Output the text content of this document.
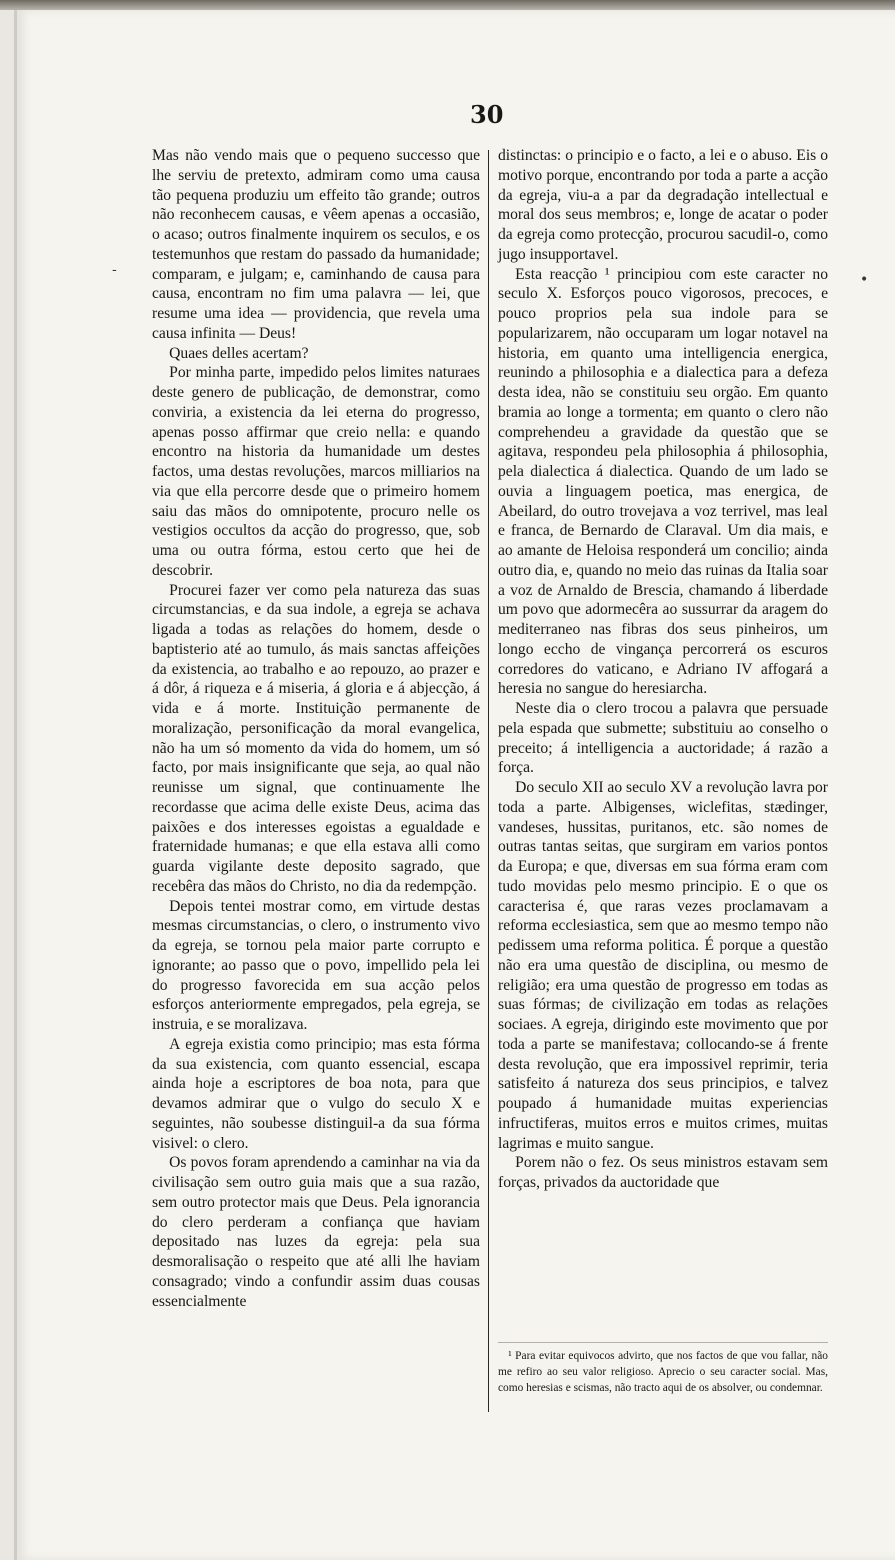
30
-
•

Mas não vendo mais que o pequeno successo que lhe serviu de pretexto, admiram como uma causa tão pequena produziu um effeito tão grande; outros não reconhecem causas, e vêem apenas a occasião, o acaso; outros finalmente inquirem os seculos, e os testemunhos que restam do passado da humanidade; comparam, e julgam; e, caminhando de causa para causa, encontram no fim uma palavra — lei, que resume uma idea — providencia, que revela uma causa infinita — Deus!

Quaes delles acertam?

Por minha parte, impedido pelos limites naturaes deste genero de publicação, de demonstrar, como conviria, a existencia da lei eterna do progresso, apenas posso affirmar que creio nella: e quando encontro na historia da humanidade um destes factos, uma destas revoluções, marcos milliarios na via que ella percorre desde que o primeiro homem saiu das mãos do omnipotente, procuro nelle os vestigios occultos da acção do progresso, que, sob uma ou outra fórma, estou certo que hei de descobrir.

Procurei fazer ver como pela natureza das suas circumstancias, e da sua indole, a egreja se achava ligada a todas as relações do homem, desde o baptisterio até ao tumulo, ás mais sanctas affeições da existencia, ao trabalho e ao repouzo, ao prazer e á dôr, á riqueza e á miseria, á gloria e á abjecção, á vida e á morte. Instituição permanente de moralização, personificação da moral evangelica, não ha um só momento da vida do homem, um só facto, por mais insignificante que seja, ao qual não reunisse um signal, que continuamente lhe recordasse que acima delle existe Deus, acima das paixões e dos interesses egoistas a egualdade e fraternidade humanas; e que ella estava alli como guarda vigilante deste deposito sagrado, que recebêra das mãos do Christo, no dia da redempção.

Depois tentei mostrar como, em virtude destas mesmas circumstancias, o clero, o instrumento vivo da egreja, se tornou pela maior parte corrupto e ignorante; ao passo que o povo, impellido pela lei do progresso favorecida em sua acção pelos esforços anteriormente empregados, pela egreja, se instruia, e se moralizava.

A egreja existia como principio; mas esta fórma da sua existencia, com quanto essencial, escapa ainda hoje a escriptores de boa nota, para que devamos admirar que o vulgo do seculo X e seguintes, não soubesse distinguil-a da sua fórma visivel: o clero.

Os povos foram aprendendo a caminhar na via da civilisação sem outro guia mais que a sua razão, sem outro protector mais que Deus. Pela ignorancia do clero perderam a confiança que haviam depositado nas luzes da egreja: pela sua desmoralisação o respeito que até alli lhe haviam consagrado; vindo a confundir assim duas cousas essencialmente

distinctas: o principio e o facto, a lei e o abuso. Eis o motivo porque, encontrando por toda a parte a acção da egreja, viu-a a par da degradação intellectual e moral dos seus membros; e, longe de acatar o poder da egreja como protecção, procurou sacudil-o, como jugo insupportavel.

Esta reacção ¹ principiou com este caracter no seculo X. Esforços pouco vigorosos, precoces, e pouco proprios pela sua indole para se popularizarem, não occuparam um logar notavel na historia, em quanto uma intelligencia energica, reunindo a philosophia e a dialectica para a defeza desta idea, não se constituiu seu orgão. Em quanto bramia ao longe a tormenta; em quanto o clero não comprehendeu a gravidade da questão que se agitava, respondeu pela philosophia á philosophia, pela dialectica á dialectica. Quando de um lado se ouvia a linguagem poetica, mas energica, de Abeilard, do outro trovejava a voz terrivel, mas leal e franca, de Bernardo de Claraval. Um dia mais, e ao amante de Heloisa responderá um concilio; ainda outro dia, e, quando no meio das ruinas da Italia soar a voz de Arnaldo de Brescia, chamando á liberdade um povo que adormecêra ao sussurrar da aragem do mediterraneo nas fibras dos seus pinheiros, um longo eccho de vingança percorrerá os escuros corredores do vaticano, e Adriano IV affogará a heresia no sangue do heresiarcha.

Neste dia o clero trocou a palavra que persuade pela espada que submette; substituiu ao conselho o preceito; á intelligencia a auctoridade; á razão a força.

Do seculo XII ao seculo XV a revolução lavra por toda a parte. Albigenses, wiclefitas, stædinger, vandeses, hussitas, puritanos, etc. são nomes de outras tantas seitas, que surgiram em varios pontos da Europa; e que, diversas em sua fórma eram com tudo movidas pelo mesmo principio. E o que os caracterisa é, que raras vezes proclamavam a reforma ecclesiastica, sem que ao mesmo tempo não pedissem uma reforma politica. É porque a questão não era uma questão de disciplina, ou mesmo de religião; era uma questão de progresso em todas as suas fórmas; de civilização em todas as relações sociaes. A egreja, dirigindo este movimento que por toda a parte se manifestava; collocando-se á frente desta revolução, que era impossivel reprimir, teria satisfeito á natureza dos seus principios, e talvez poupado á humanidade muitas experiencias infructiferas, muitos erros e muitos crimes, muitas lagrimas e muito sangue.

Porem não o fez. Os seus ministros estavam sem forças, privados da auctoridade que

¹ Para evitar equivocos advirto, que nos factos de que vou fallar, não me refiro ao seu valor religioso. Aprecio o seu caracter social. Mas, como heresias e scismas, não tracto aqui de os absolver, ou condemnar.
